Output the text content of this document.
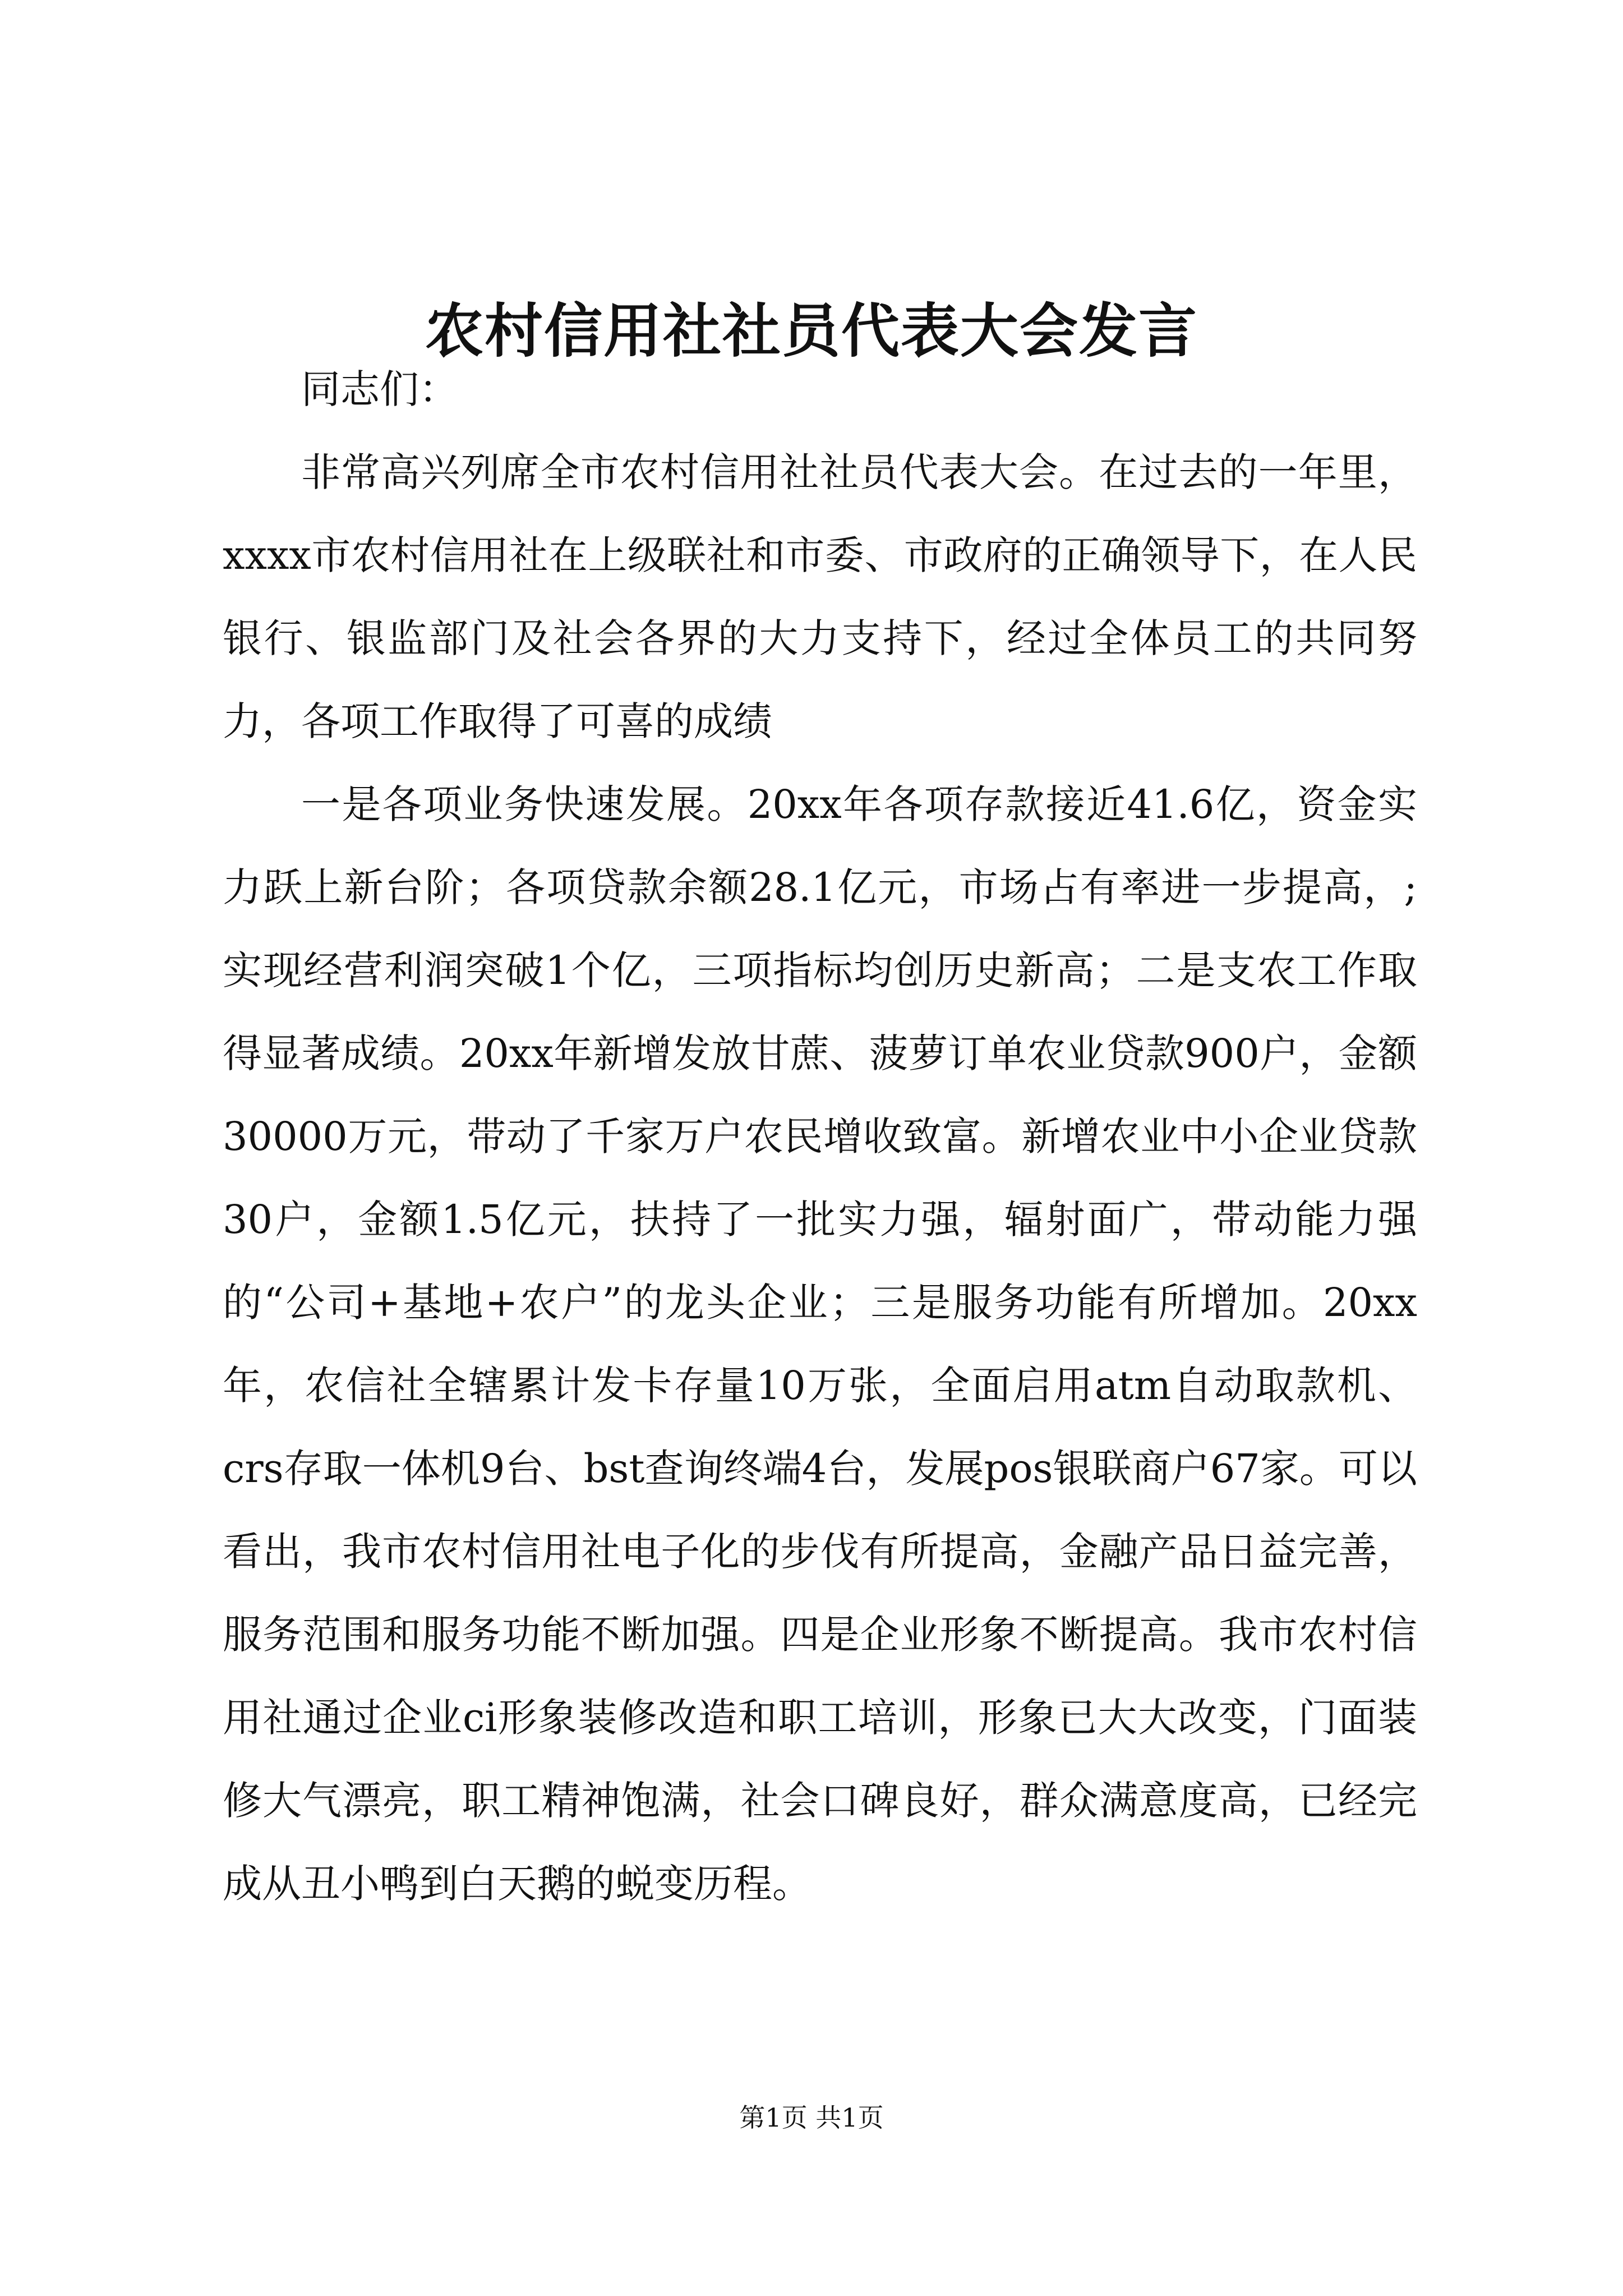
农村信用社社员代表大会发言

同志们：

非常高兴列席全市农村信用社社员代表大会。在过去的一年里，xxxx市农村信用社在上级联社和市委、市政府的正确领导下，在人民银行、银监部门及社会各界的大力支持下，经过全体员工的共同努力，各项工作取得了可喜的成绩

一是各项业务快速发展。20xx年各项存款接近41.6亿，资金实力跃上新台阶；各项贷款余额28.1亿元，市场占有率进一步提高，;实现经营利润突破1个亿，三项指标均创历史新高；二是支农工作取得显著成绩。20xx年新增发放甘蔗、菠萝订单农业贷款900户，金额30000万元，带动了千家万户农民增收致富。新增农业中小企业贷款30户，金额1.5亿元，扶持了一批实力强，辐射面广，带动能力强的“公司+基地+农户”的龙头企业；三是服务功能有所增加。20xx年，农信社全辖累计发卡存量10万张，全面启用atm自动取款机、crs存取一体机9台、bst查询终端4台，发展pos银联商户67家。可以看出，我市农村信用社电子化的步伐有所提高，金融产品日益完善，服务范围和服务功能不断加强。四是企业形象不断提高。我市农村信用社通过企业ci形象装修改造和职工培训，形象已大大改变，门面装修大气漂亮，职工精神饱满，社会口碑良好，群众满意度高，已经完成从丑小鸭到白天鹅的蜕变历程。

第1页 共1页
